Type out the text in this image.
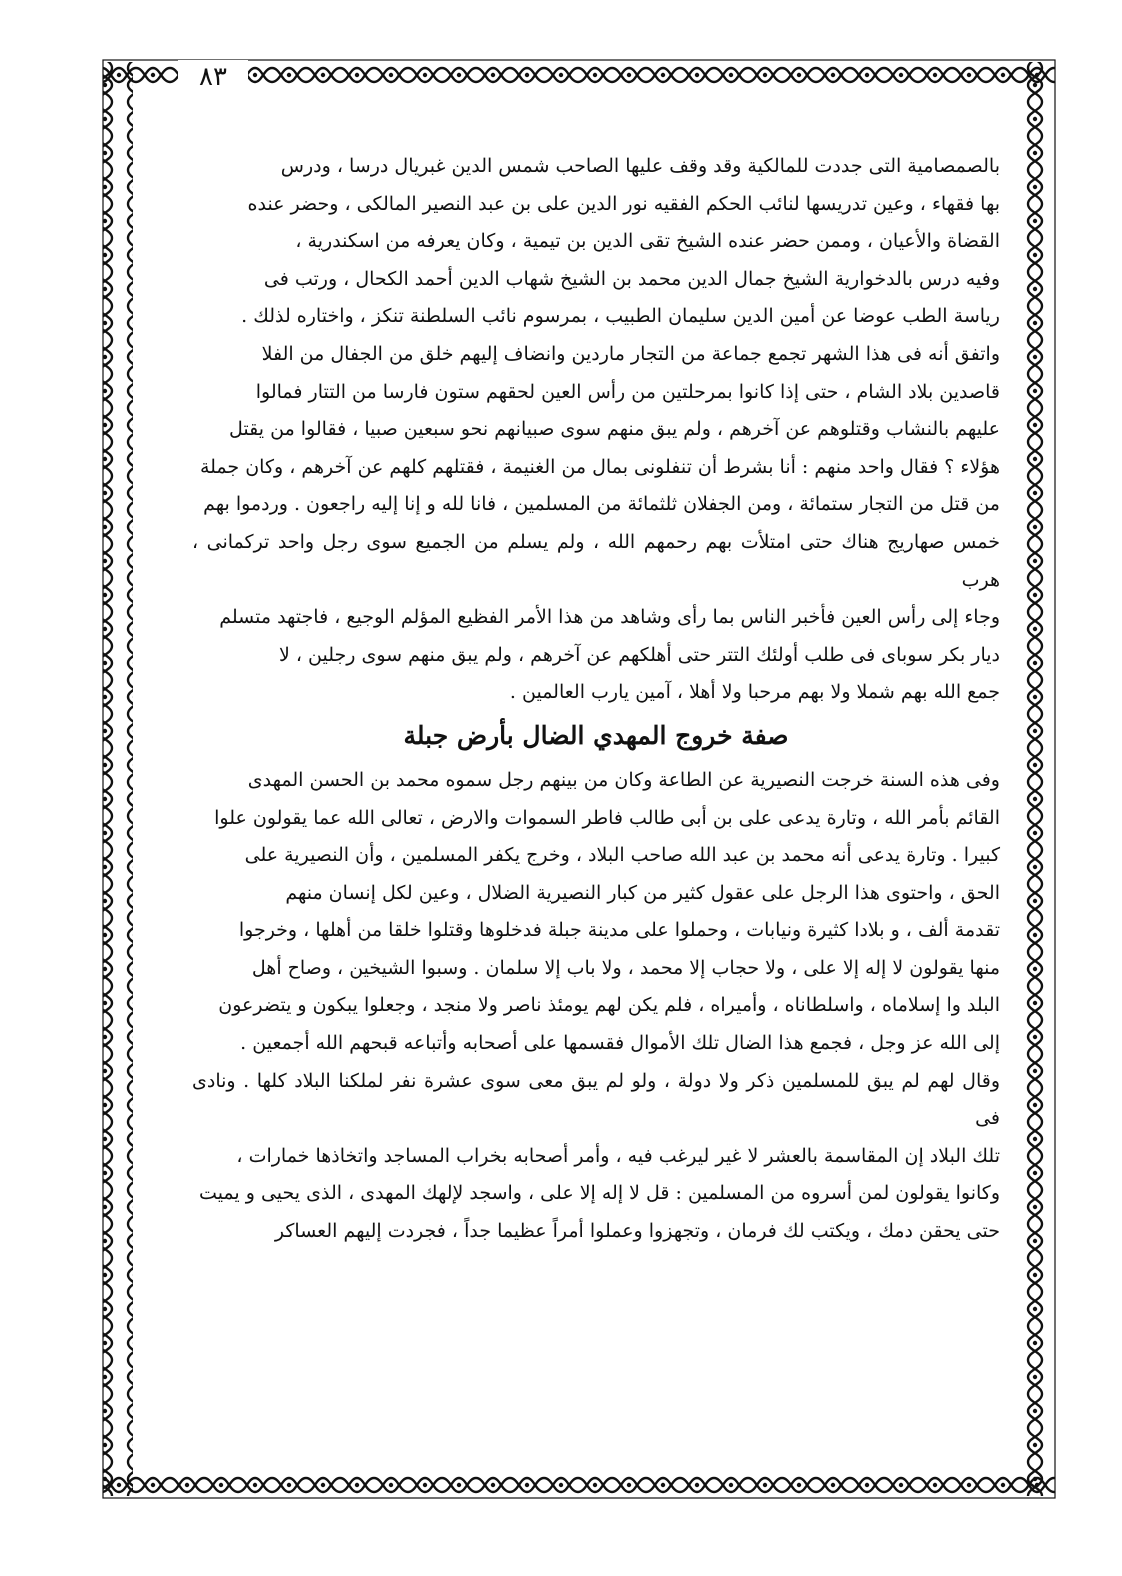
٨٣

بالصمصامية التى جددت للمالكية وقد وقف عليها الصاحب شمس الدين غبريال درسا ، ودرس

بها فقهاء ، وعين تدريسها لنائب الحكم الفقيه نور الدين على بن عبد النصير المالكى ، وحضر عنده

القضاة والأعيان ، وممن حضر عنده الشيخ تقى الدين بن تيمية ، وكان يعرفه من اسكندرية ،

وفيه درس بالدخوارية الشيخ جمال الدين محمد بن الشيخ شهاب الدين أحمد الكحال ، ورتب فى

رياسة الطب عوضا عن أمين الدين سليمان الطبيب ، بمرسوم نائب السلطنة تنكز ، واختاره لذلك .

واتفق أنه فى هذا الشهر تجمع جماعة من التجار ماردين وانضاف إليهم خلق من الجفال من الفلا

قاصدين بلاد الشام ، حتى إذا كانوا بمرحلتين من رأس العين لحقهم ستون فارسا من التتار فمالوا

عليهم بالنشاب وقتلوهم عن آخرهم ، ولم يبق منهم سوى صبيانهم نحو سبعين صبيا ، فقالوا من يقتل

هؤلاء ؟ فقال واحد منهم : أنا بشرط أن تنفلونى بمال من الغنيمة ، فقتلهم كلهم عن آخرهم ، وكان جملة

من قتل من التجار ستمائة ، ومن الجفلان ثلثمائة من المسلمين ، فانا لله و إنا إليه راجعون . وردموا بهم

خمس صهاريج هناك حتى امتلأت بهم رحمهم الله ، ولم يسلم من الجميع سوى رجل واحد تركمانى ، هرب

وجاء إلى رأس العين فأخبر الناس بما رأى وشاهد من هذا الأمر الفظيع المؤلم الوجيع ، فاجتهد متسلم

ديار بكر سوباى فى طلب أولئك التتر حتى أهلكهم عن آخرهم ، ولم يبق منهم سوى رجلين ، لا

جمع الله بهم شملا ولا بهم مرحبا ولا أهلا ، آمين يارب العالمين .

صفة خروج المهدي الضال بأرض جبلة

وفى هذه السنة خرجت النصيرية عن الطاعة وكان من بينهم رجل سموه محمد بن الحسن المهدى

القائم بأمر الله ، وتارة يدعى على بن أبى طالب فاطر السموات والارض ، تعالى الله عما يقولون علوا

كبيرا . وتارة يدعى أنه محمد بن عبد الله صاحب البلاد ، وخرج يكفر المسلمين ، وأن النصيرية على

الحق ، واحتوى هذا الرجل على عقول كثير من كبار النصيرية الضلال ، وعين لكل إنسان منهم

تقدمة ألف ، و بلادا كثيرة ونيابات ، وحملوا على مدينة جبلة فدخلوها وقتلوا خلقا من أهلها ، وخرجوا

منها يقولون لا إله إلا على ، ولا حجاب إلا محمد ، ولا باب إلا سلمان . وسبوا الشيخين ، وصاح أهل

البلد وا إسلاماه ، واسلطاناه ، وأميراه ، فلم يكن لهم يومئذ ناصر ولا منجد ، وجعلوا يبكون و يتضرعون

إلى الله عز وجل ، فجمع هذا الضال تلك الأموال فقسمها على أصحابه وأتباعه قبحهم الله أجمعين .

وقال لهم لم يبق للمسلمين ذكر ولا دولة ، ولو لم يبق معى سوى عشرة نفر لملكنا البلاد كلها . ونادى فى

تلك البلاد إن المقاسمة بالعشر لا غير ليرغب فيه ، وأمر أصحابه بخراب المساجد واتخاذها خمارات ،

وكانوا يقولون لمن أسروه من المسلمين : قل لا إله إلا على ، واسجد لإلهك المهدى ، الذى يحيى و يميت

حتى يحقن دمك ، ويكتب لك فرمان ، وتجهزوا وعملوا أمراً عظيما جداً ، فجردت إليهم العساكر
